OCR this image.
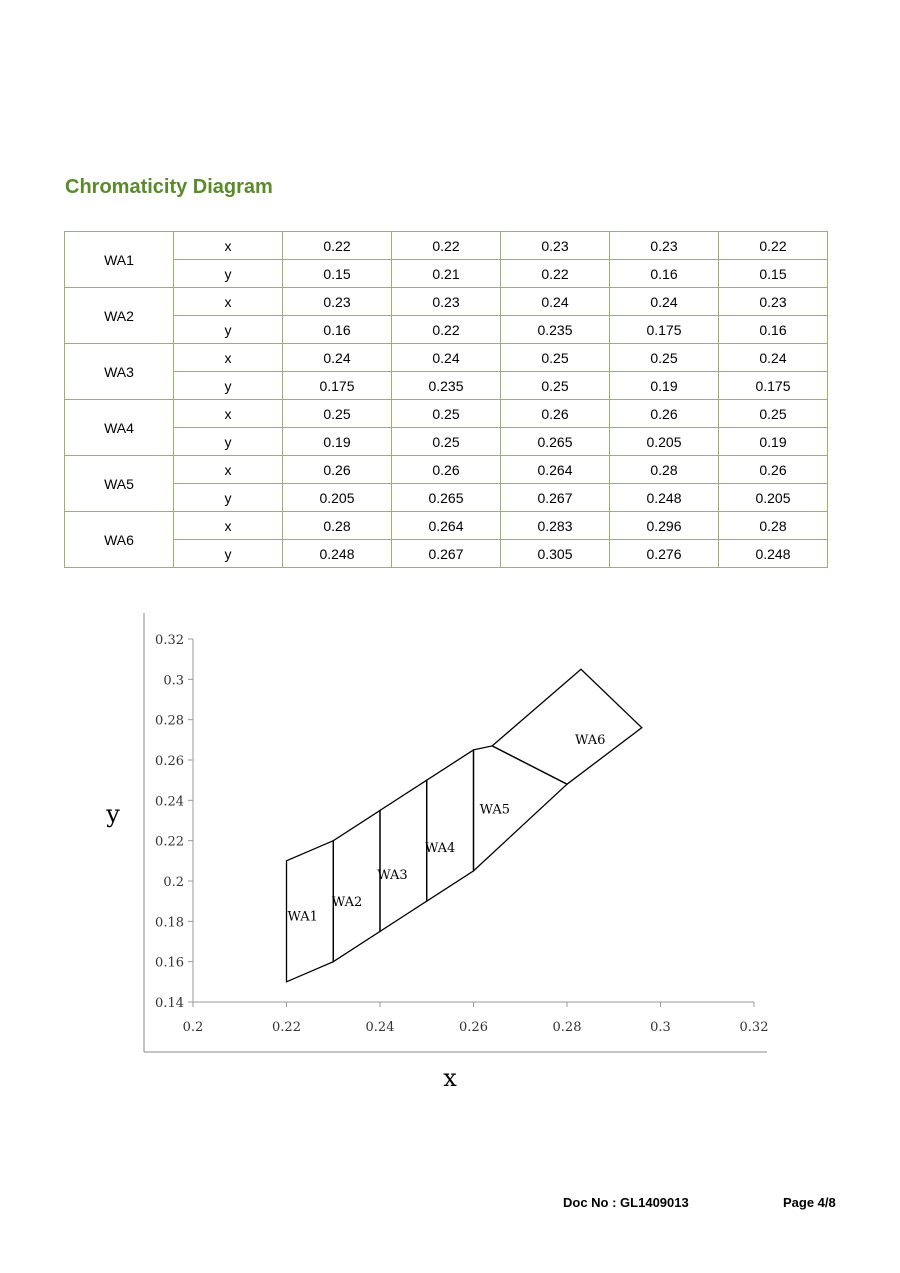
Chromaticity Diagram
WA1	x	0.22	0.22	0.23	0.23	0.22
	y	0.15	0.21	0.22	0.16	0.15
WA2	x	0.23	0.23	0.24	0.24	0.23
	y	0.16	0.22	0.235	0.175	0.16
WA3	x	0.24	0.24	0.25	0.25	0.24
	y	0.175	0.235	0.25	0.19	0.175
WA4	x	0.25	0.25	0.26	0.26	0.25
	y	0.19	0.25	0.265	0.205	0.19
WA5	x	0.26	0.26	0.264	0.28	0.26
	y	0.205	0.265	0.267	0.248	0.205
WA6	x	0.28	0.264	0.283	0.296	0.28
	y	0.248	0.267	0.305	0.276	0.248
0.2	0.22	0.24	0.26	0.28	0.3	0.32
0.14
0.16
0.18
0.2
0.22
0.24
0.26
0.28
0.3
0.32
WA1
WA2
WA3
WA4
WA5
WA6
y
x
Doc No : GL1409013	Page 4/8
